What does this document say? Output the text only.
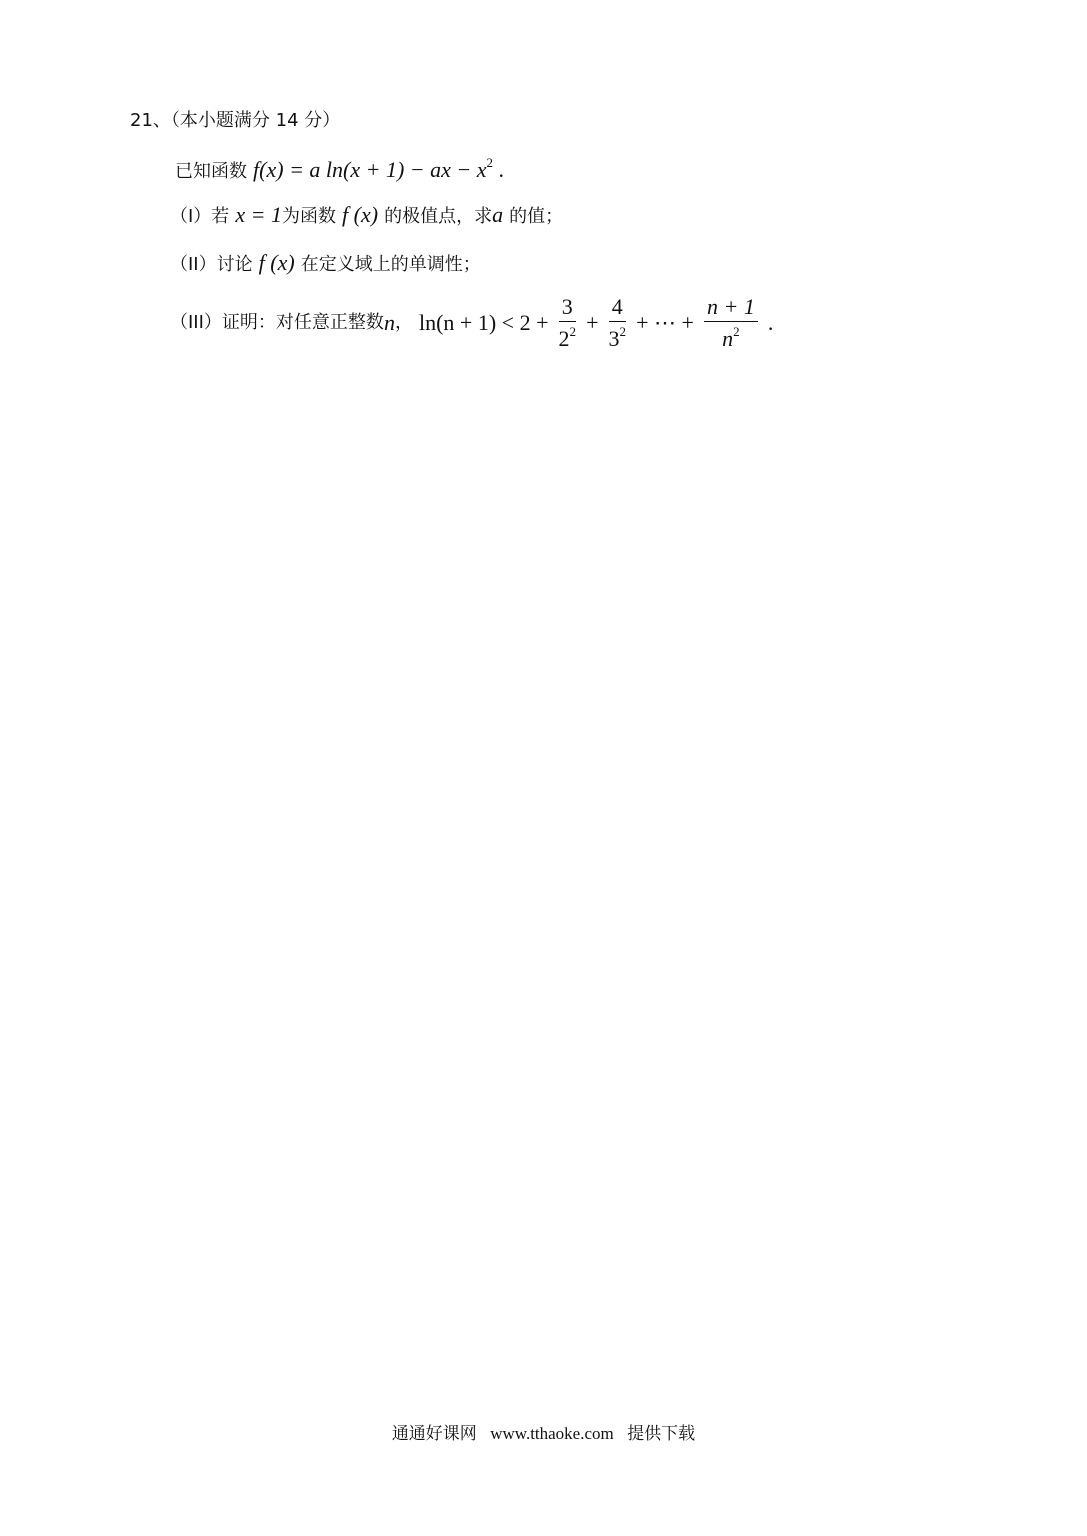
21、（本小题满分 14 分）
已知函数 f(x) = a ln(x + 1) − ax − $x^2$ .
（Ⅰ）若 x = 1为函数 f (x) 的极值点，求a 的值；
（II）讨论 f (x) 在定义域上的单调性；
（III）证明：对任意正整数n， $\ln(n + 1) < 2 + \frac{3}{2^2} + \frac{4}{3^2}$ + ⋯ + $\frac{n + 1}{n^2}$ .
通通好课网 www.tthaoke.com 提供下载
